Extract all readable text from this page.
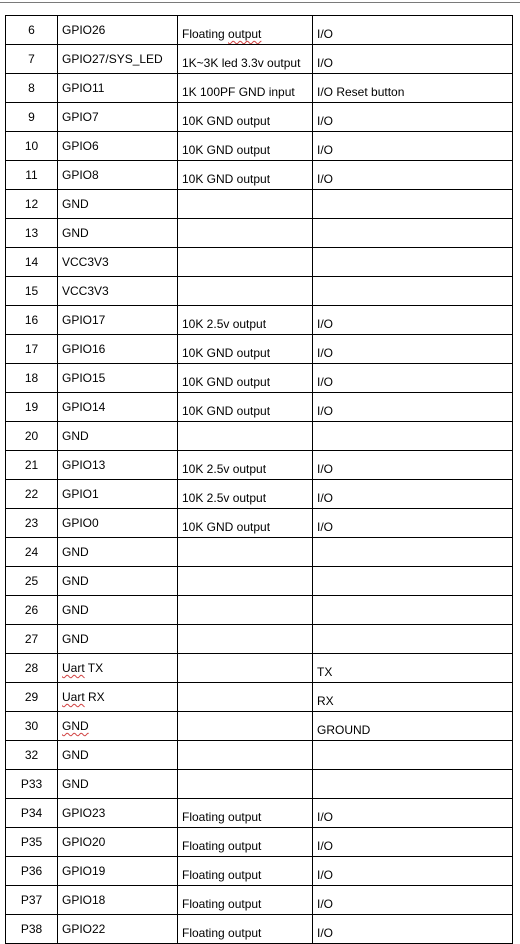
6	GPIO26	Floating output	I/O
7	GPIO27/SYS_LED	1K~3K led 3.3v output	I/O
8	GPIO11	1K 100PF GND input	I/O Reset button
9	GPIO7	10K GND output	I/O
10	GPIO6	10K GND output	I/O
11	GPIO8	10K GND output	I/O
12	GND		
13	GND		
14	VCC3V3		
15	VCC3V3		
16	GPIO17	10K 2.5v output	I/O
17	GPIO16	10K GND output	I/O
18	GPIO15	10K GND output	I/O
19	GPIO14	10K GND output	I/O
20	GND		
21	GPIO13	10K 2.5v output	I/O
22	GPIO1	10K 2.5v output	I/O
23	GPIO0	10K GND output	I/O
24	GND		
25	GND		
26	GND		
27	GND		
28	Uart TX		TX
29	Uart RX		RX
30	GND		GROUND
32	GND		
P33	GND		
P34	GPIO23	Floating output	I/O
P35	GPIO20	Floating output	I/O
P36	GPIO19	Floating output	I/O
P37	GPIO18	Floating output	I/O
P38	GPIO22	Floating output	I/O
